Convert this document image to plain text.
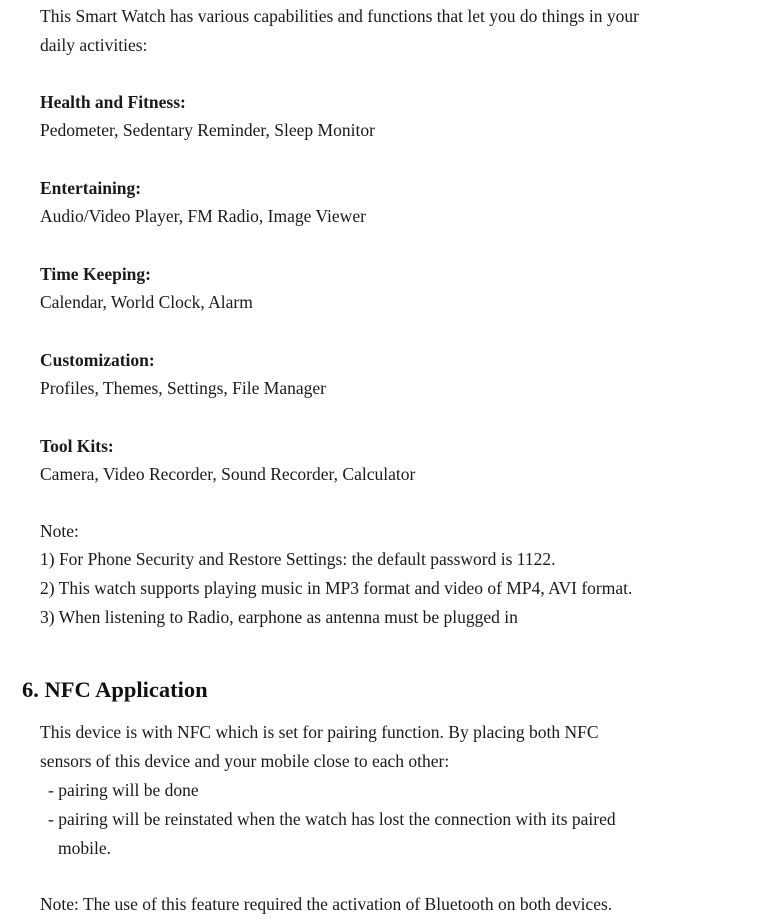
This Smart Watch has various capabilities and functions that let you do things in your
daily activities:
Health and Fitness:
Pedometer, Sedentary Reminder, Sleep Monitor
Entertaining:
Audio/Video Player, FM Radio, Image Viewer
Time Keeping:
Calendar, World Clock, Alarm
Customization:
Profiles, Themes, Settings, File Manager
Tool Kits:
Camera, Video Recorder, Sound Recorder, Calculator
Note:
1) For Phone Security and Restore Settings: the default password is 1122.
2) This watch supports playing music in MP3 format and video of MP4, AVI format.
3) When listening to Radio, earphone as antenna must be plugged in
6. NFC Application
This device is with NFC which is set for pairing function. By placing both NFC
sensors of this device and your mobile close to each other:
- pairing will be done
- pairing will be reinstated when the watch has lost the connection with its paired
mobile.
Note: The use of this feature required the activation of Bluetooth on both devices.
